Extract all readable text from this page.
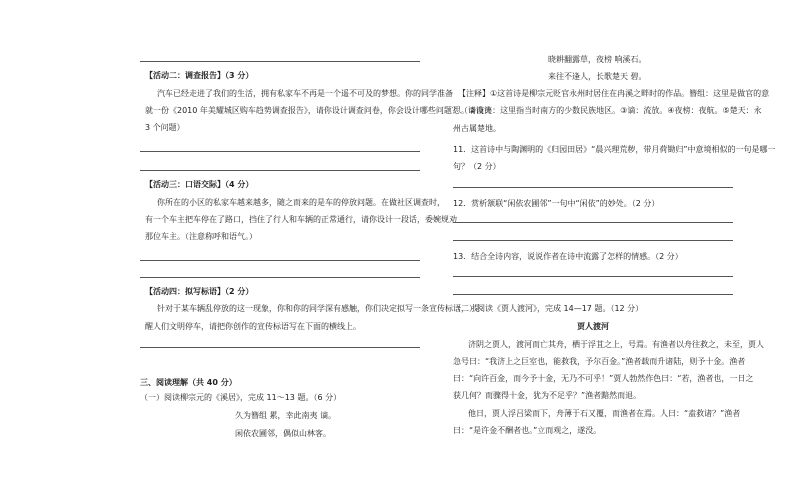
【活动二：调查报告】（3 分）
汽车已经走进了我们的生活，拥有私家车不再是一个遥不可及的梦想。你的同学准备
就一份《2010 年美耀城区购车趋势调查报告》，请你设计调查问卷，你会设计哪些问题？（请设计
3 个问题）
【活动三：口语交际】（4 分）
你所在的小区的私家车越来越多，随之而来的是车的停放问题。在做社区调查时，
有一个车主把车停在了路口，挡住了行人和车辆的正常通行，请你设计一段话，委婉规劝
那位车主。（注意称呼和语气。）
【活动四：拟写标语】（2 分）
针对于某车辆乱停放的这一现象，你和你的同学深有感触，你们决定拟写一条宣传标语， 提
醒人们文明停车，请把你创作的宣传标语写在下面的横线上。
三、阅读理解（共 40 分）
（一）阅读柳宗元的《溪居》，完成 11～13 题。（6 分）
久为簪组 累，幸此南夷 谪。
闲依农圃邻，偶似山林客。
晓耕翻露草，夜榜 响溪石。
来往不逢人，长歌楚天 碧。
【注释】①这首诗是柳宗元贬官永州时居住在冉溪之畔时的作品。簪组：这里是做官的意
思。②南夷：这里指当时南方的少数民族地区。③谪：流放。④夜榜：夜航。⑤楚天：永
州古属楚地。
11．这首诗中与陶渊明的《归园田居》“晨兴理荒秽，带月荷锄归”中意境相似的一句是哪一
句？（2 分）
12．赏析颔联“闲依农圃邻”一句中“闲依”的妙处。（2 分）
13．结合全诗内容，说说作者在诗中流露了怎样的情感。（2 分）
（二）阅读《贾人渡河》，完成 14—17 题。（12 分）
贾人渡河
济阴之贾人，渡河而亡其舟，栖于浮苴之上，号焉。有渔者以舟往救之，未至，贾人
急号曰：“我济上之巨室也，能救我，予尔百金。”渔者载而升诸陆，则予十金。渔者
曰：“向许百金，而今予十金，无乃不可乎！”贾人勃然作色曰：“若，渔者也，一日之
获几何？而骤得十金，犹为不足乎？”渔者黯然而退。
他日，贾人浮吕梁而下，舟薄于石又覆，而渔者在焉。人曰：“盍救诸？”渔者
曰：“是许金不酬者也。”立而观之，遂没。
